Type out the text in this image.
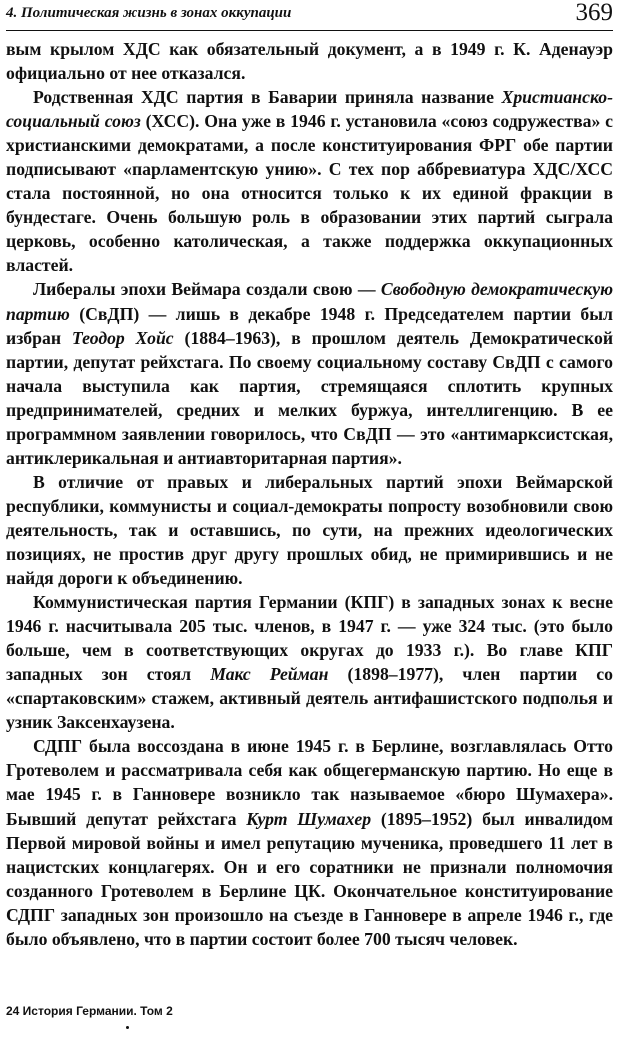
4. Политическая жизнь в зонах оккупации	369

вым крылом ХДС как обязательный документ, а в 1949 г. К. Аденауэр официально от нее отказался.

Родственная ХДС партия в Баварии приняла название Христианско-социальный союз (ХСС). Она уже в 1946 г. установила «союз содружества» с христианскими демократами, а после конституирования ФРГ обе партии подписывают «парламентскую унию». С тех пор аббревиатура ХДС/ХСС стала постоянной, но она относится только к их единой фракции в бундестаге. Очень большую роль в образовании этих партий сыграла церковь, особенно католическая, а также поддержка оккупационных властей.

Либералы эпохи Веймара создали свою — Свободную демократическую партию (СвДП) — лишь в декабре 1948 г. Председателем партии был избран Теодор Хойс (1884–1963), в прошлом деятель Демократической партии, депутат рейхстага. По своему социальному составу СвДП с самого начала выступила как партия, стремящаяся сплотить крупных предпринимателей, средних и мелких буржуа, интеллигенцию. В ее программном заявлении говорилось, что СвДП — это «антимарксистская, антиклерикальная и антиавторитарная партия».

В отличие от правых и либеральных партий эпохи Веймарской республики, коммунисты и социал-демократы попросту возобновили свою деятельность, так и оставшись, по сути, на прежних идеологических позициях, не простив друг другу прошлых обид, не примирившись и не найдя дороги к объединению.

Коммунистическая партия Германии (КПГ) в западных зонах к весне 1946 г. насчитывала 205 тыс. членов, в 1947 г. — уже 324 тыс. (это было больше, чем в соответствующих округах до 1933 г.). Во главе КПГ западных зон стоял Макс Рейман (1898–1977), член партии со «спартаковским» стажем, активный деятель антифашистского подполья и узник Заксенхаузена.

СДПГ была воссоздана в июне 1945 г. в Берлине, возглавлялась Отто Гротеволем и рассматривала себя как общегерманскую партию. Но еще в мае 1945 г. в Ганновере возникло так называемое «бюро Шумахера». Бывший депутат рейхстага Курт Шумахер (1895–1952) был инвалидом Первой мировой войны и имел репутацию мученика, проведшего 11 лет в нацистских концлагерях. Он и его соратники не признали полномочия созданного Гротеволем в Берлине ЦК. Окончательное конституирование СДПГ западных зон произошло на съезде в Ганновере в апреле 1946 г., где было объявлено, что в партии состоит более 700 тысяч человек.

24 История Германии. Том 2
